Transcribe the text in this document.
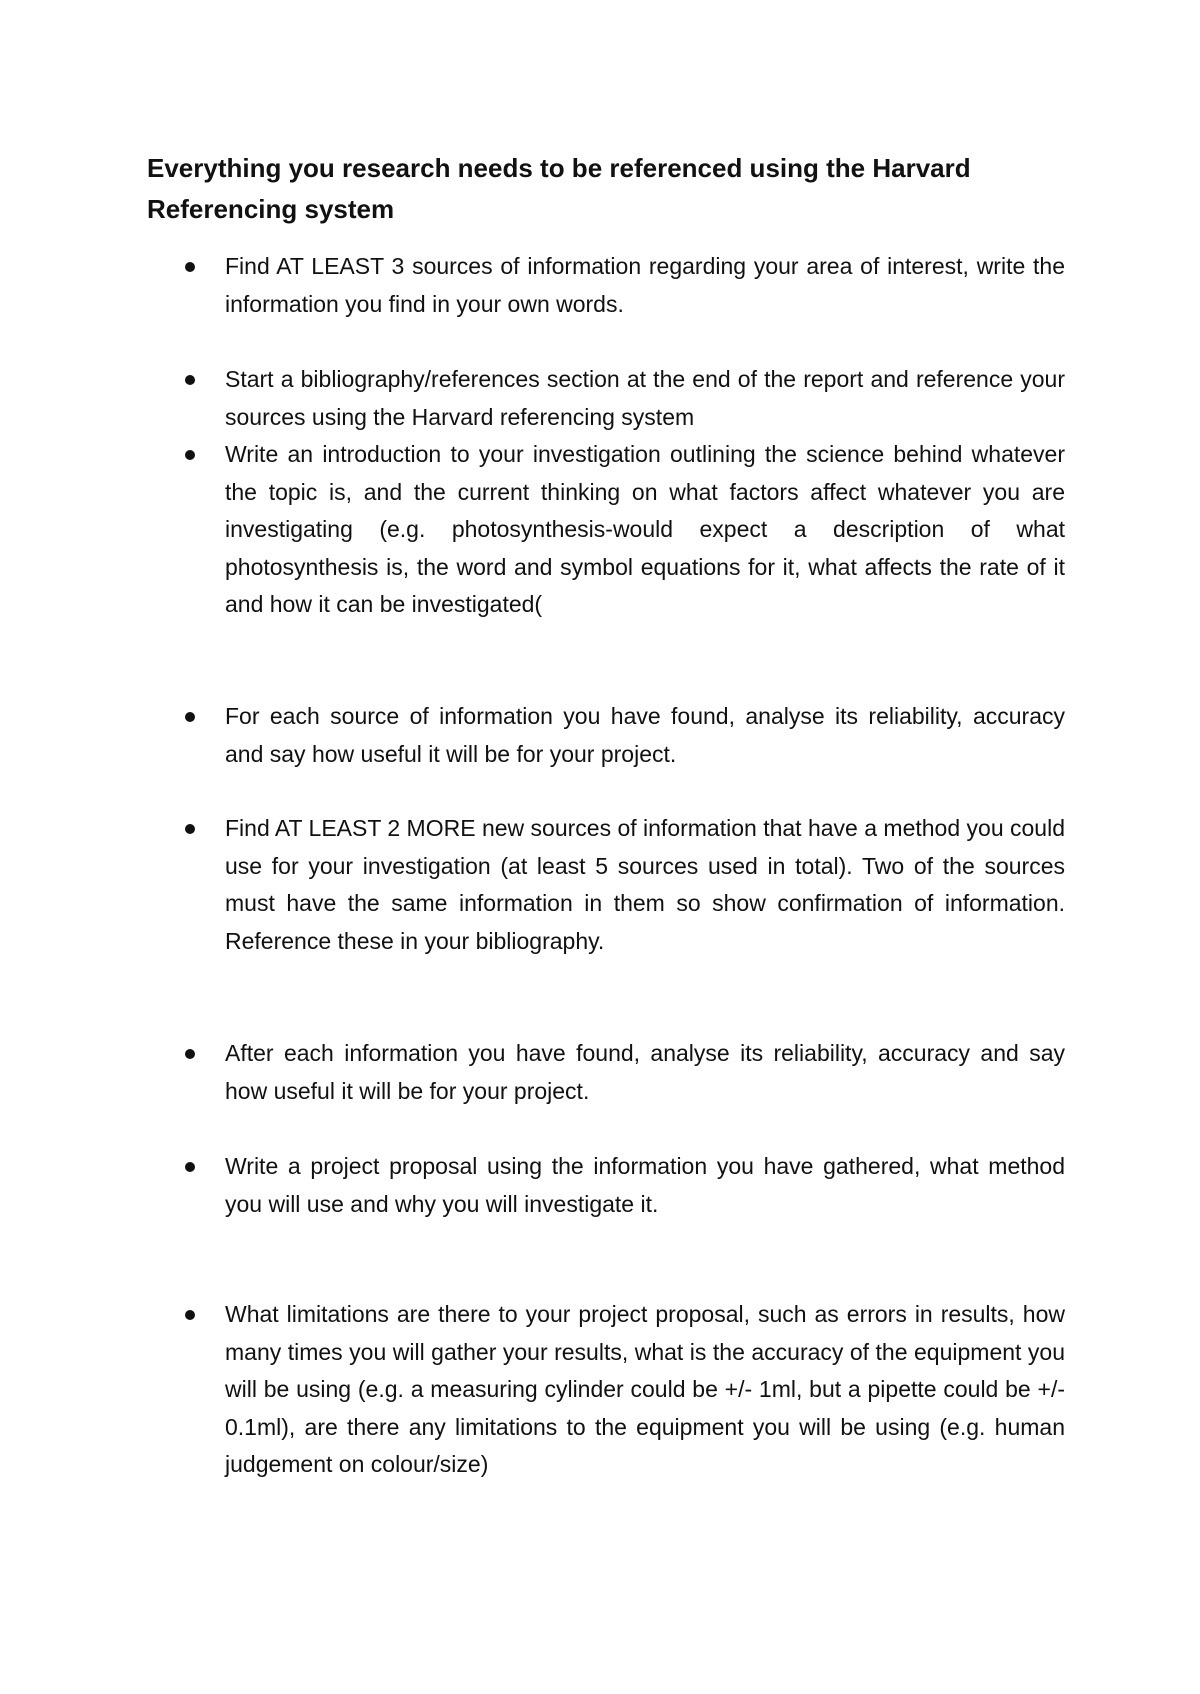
Everything you research needs to be referenced using the Harvard Referencing system

Find AT LEAST 3 sources of information regarding your area of interest, write the information you find in your own words.

Start a bibliography/references section at the end of the report and reference your sources using the Harvard referencing system

Write an introduction to your investigation outlining the science behind whatever the topic is, and the current thinking on what factors affect whatever you are investigating (e.g. photosynthesis-would expect a description of what photosynthesis is, the word and symbol equations for it, what affects the rate of it and how it can be investigated(

For each source of information you have found, analyse its reliability, accuracy and say how useful it will be for your project.

Find AT LEAST 2 MORE new sources of information that have a method you could use for your investigation (at least 5 sources used in total). Two of the sources must have the same information in them so show confirmation of information. Reference these in your bibliography.

After each information you have found, analyse its reliability, accuracy and say how useful it will be for your project.

Write a project proposal using the information you have gathered, what method you will use and why you will investigate it.

What limitations are there to your project proposal, such as errors in results, how many times you will gather your results, what is the accuracy of the equipment you will be using (e.g. a measuring cylinder could be +/- 1ml, but a pipette could be +/- 0.1ml), are there any limitations to the equipment you will be using (e.g. human judgement on colour/size)
